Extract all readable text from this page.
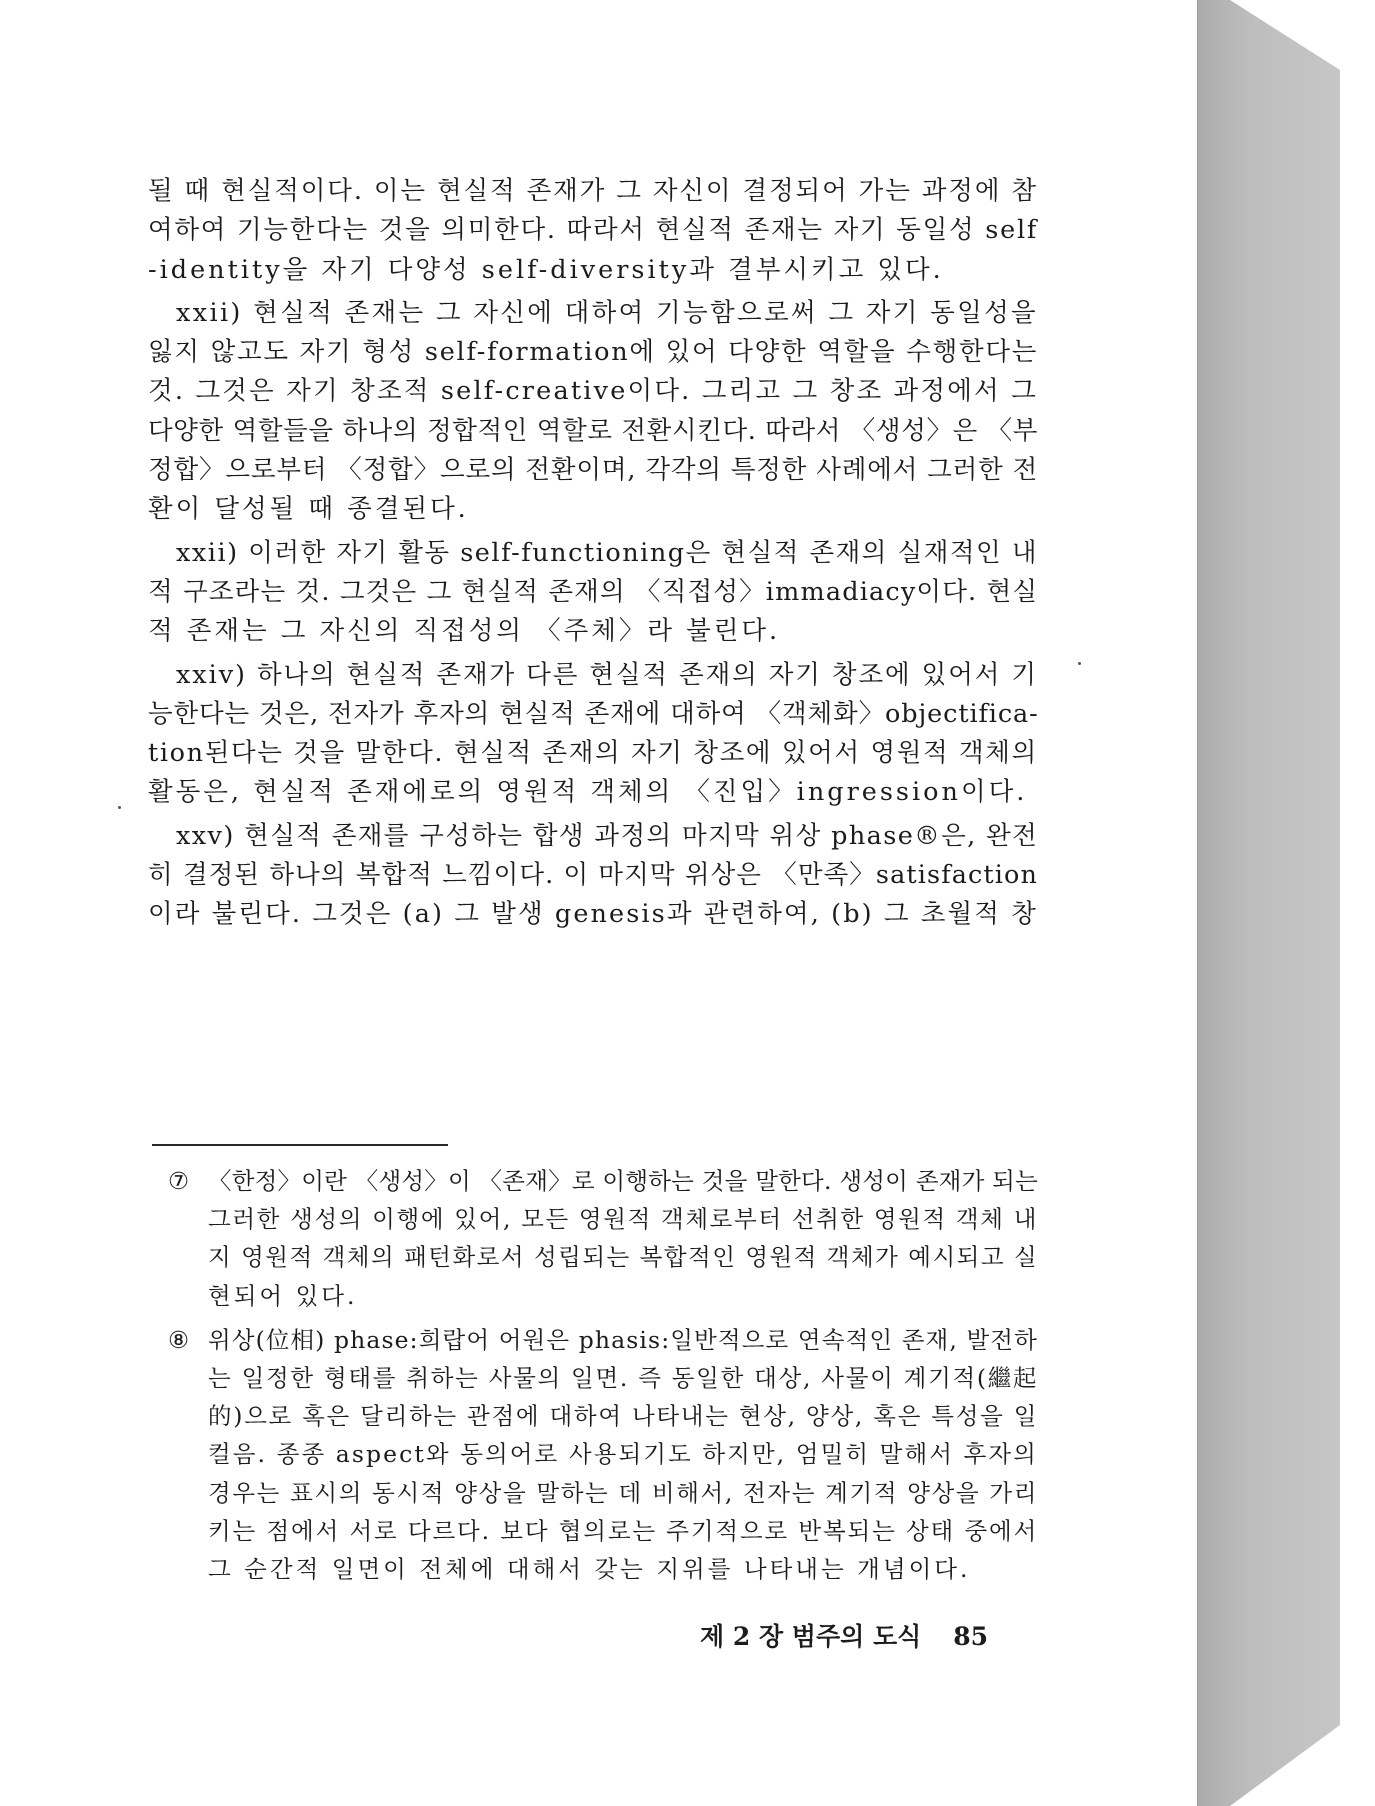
될 때 현실적이다. 이는 현실적 존재가 그 자신이 결정되어 가는 과정에 참
여하여 기능한다는 것을 의미한다. 따라서 현실적 존재는 자기 동일성 self
-identity을 자기 다양성 self-diversity과 결부시키고 있다.
xxii) 현실적 존재는 그 자신에 대하여 기능함으로써 그 자기 동일성을
잃지 않고도 자기 형성 self-formation에 있어 다양한 역할을 수행한다는
것. 그것은 자기 창조적 self-creative이다. 그리고 그 창조 과정에서 그
다양한 역할들을 하나의 정합적인 역할로 전환시킨다. 따라서 〈생성〉은 〈부
정합〉으로부터 〈정합〉으로의 전환이며, 각각의 특정한 사례에서 그러한 전
환이 달성될 때 종결된다.
xxii) 이러한 자기 활동 self-functioning은 현실적 존재의 실재적인 내
적 구조라는 것. 그것은 그 현실적 존재의 〈직접성〉immadiacy이다. 현실
적 존재는 그 자신의 직접성의 〈주체〉라 불린다.
xxiv) 하나의 현실적 존재가 다른 현실적 존재의 자기 창조에 있어서 기
능한다는 것은, 전자가 후자의 현실적 존재에 대하여 〈객체화〉objectifica-
tion된다는 것을 말한다. 현실적 존재의 자기 창조에 있어서 영원적 객체의
활동은, 현실적 존재에로의 영원적 객체의 〈진입〉ingression이다.
xxv) 현실적 존재를 구성하는 합생 과정의 마지막 위상 phase®은, 완전
히 결정된 하나의 복합적 느낌이다. 이 마지막 위상은 〈만족〉satisfaction
이라 불린다. 그것은 (a) 그 발생 genesis과 관련하여, (b) 그 초월적 창
⑦ 〈한정〉이란 〈생성〉이 〈존재〉로 이행하는 것을 말한다. 생성이 존재가 되는
그러한 생성의 이행에 있어, 모든 영원적 객체로부터 선취한 영원적 객체 내
지 영원적 객체의 패턴화로서 성립되는 복합적인 영원적 객체가 예시되고 실
현되어 있다.
⑧ 위상(位相) phase:희랍어 어원은 phasis:일반적으로 연속적인 존재, 발전하
는 일정한 형태를 취하는 사물의 일면. 즉 동일한 대상, 사물이 계기적(繼起
的)으로 혹은 달리하는 관점에 대하여 나타내는 현상, 양상, 혹은 특성을 일
컬음. 종종 aspect와 동의어로 사용되기도 하지만, 엄밀히 말해서 후자의
경우는 표시의 동시적 양상을 말하는 데 비해서, 전자는 계기적 양상을 가리
키는 점에서 서로 다르다. 보다 협의로는 주기적으로 반복되는 상태 중에서
그 순간적 일면이 전체에 대해서 갖는 지위를 나타내는 개념이다.
제 2 장 범주의 도식 85
